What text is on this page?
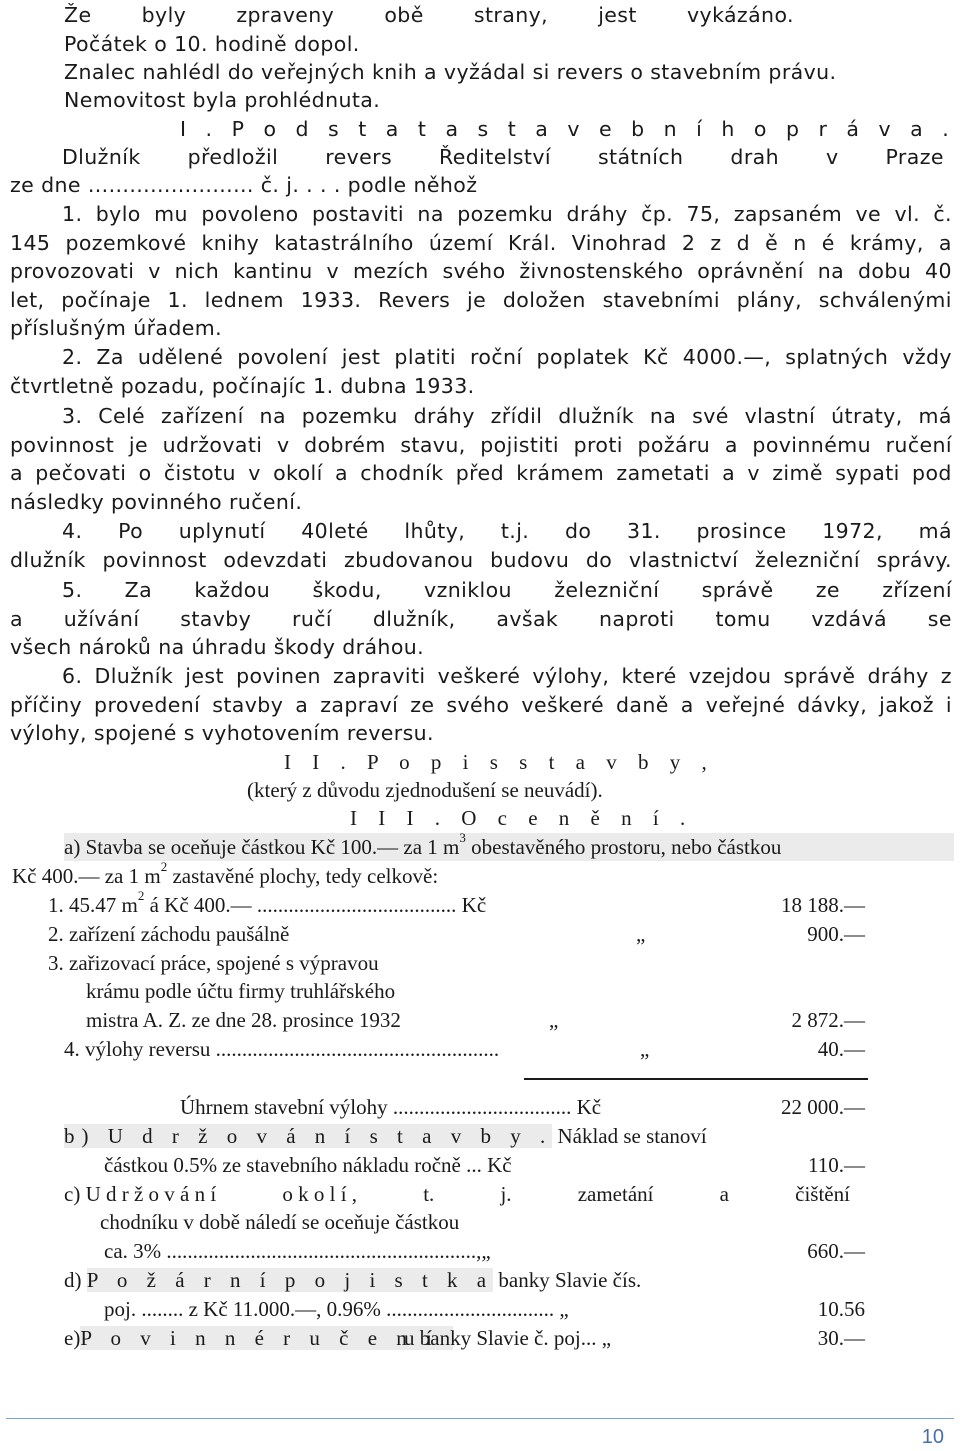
Že byly zpraveny obě strany, jest vykázáno.
Počátek o 10. hodině dopol.
Znalec nahlédl do veřejných knih a vyžádal si revers o stavebním právu.
Nemovitost byla prohlédnuta.
I . P o d s t a t a s t a v e b n í h o p r á v a .
Dlužník předložil revers Ředitelství státních drah v Praze
ze dne ........................ č. j. . . . podle něhož
1. bylo mu povoleno postaviti na pozemku dráhy čp. 75, zapsaném ve vl. č.
145 pozemkové knihy katastrálního území Král. Vinohrad 2 z d ě n é krámy, a
provozovati v nich kantinu v mezích svého živnostenského oprávnění na dobu 40
let, počínaje 1. lednem 1933. Revers je doložen stavebními plány, schválenými
příslušným úřadem.
2. Za udělené povolení jest platiti roční poplatek Kč 4000.—, splatných vždy
čtvrtletně pozadu, počínajíc 1. dubna 1933.
3. Celé zařízení na pozemku dráhy zřídil dlužník na své vlastní útraty, má
povinnost je udržovati v dobrém stavu, pojistiti proti požáru a povinnému ručení
a pečovati o čistotu v okolí a chodník před krámem zametati a v zimě sypati pod
následky povinného ručení.
4. Po uplynutí 40leté lhůty, t.j. do 31. prosince 1972, má
dlužník povinnost odevzdati zbudovanou budovu do vlastnictví železniční správy.
5. Za každou škodu, vzniklou železniční správě ze zřízení
a užívání stavby ručí dlužník, avšak naproti tomu vzdává se
všech nároků na úhradu škody dráhou.
6. Dlužník jest povinen zapraviti veškeré výlohy, které vzejdou správě dráhy z
příčiny provedení stavby a zapraví ze svého veškeré daně a veřejné dávky, jakož i
výlohy, spojené s vyhotovením reversu.
I I . P o p i s s t a v b y ,
(který z důvodu zjednodušení se neuvádí).
I I I . O c e n ě n í .
a) Stavba se oceňuje částkou Kč 100.— za 1 $m^3$ obestavěného prostoru, nebo částkou
Kč 400.— za 1 $m^2$ zastavěné plochy, tedy celkově:
1. 45.47 $m^2$ á Kč 400.— ...................................... Kč	18 188.—
2. zařízení záchodu paušálně	„	900.—
3. zařizovací práce, spojené s výpravou
krámu podle účtu firmy truhlářského
mistra A. Z. ze dne 28. prosince 1932	„	2 872.—
4. výlohy reversu ......................................................	„	40.—
Úhrnem stavební výlohy .................................. Kč	22 000.—
b) U d r ž o v á n í s t a v b y . Náklad se stanoví
částkou 0.5% ze stavebního nákladu ročně ... Kč	110.—
c) U d r ž o v á n í	o k o l í ,	t.	j.	zametání	a	čištění
chodníku v době náledí se oceňuje částkou
ca. 3% ...........................................................,„	660.—
d) P o ž á r n í p o j i s t k a banky Slavie čís.
poj. ........ z Kč 11.000.—, 0.96% ................................ „	10.56
e)P o v i n n é r u č e n í
u banky Slavie č. poj... „	30.—
10
